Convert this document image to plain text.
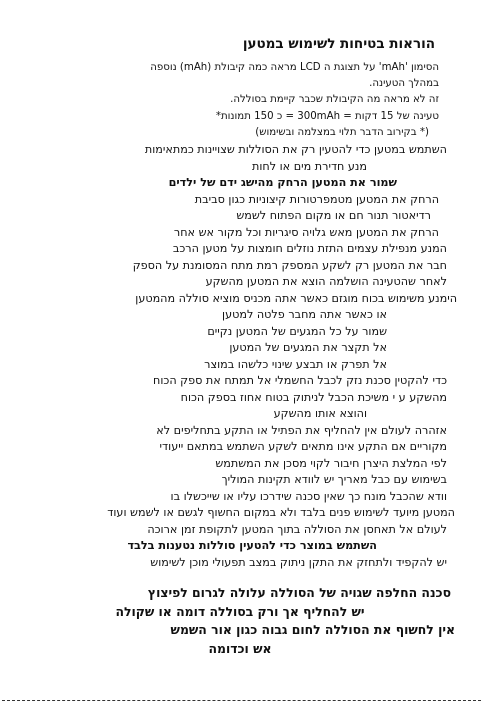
הוראות בטיחות לשימוש במטען
הסימון 'mAh' על תצוגת ה LCD מראה כמה קיבולת (mAh) נוספה
במהלך הטעינה.
זה לא מראה מה הקיבולת שכבר קיימת בסוללה.
טעינה של 15 דקות = 300mAh = כ 150 תמונות*
(* בקירוב הדבר תלוי במצלמה ובשימוש)
השתמש במטען כדי להטעין רק את הסוללות שצויינות כמתאימות
מנע חדירת מים או לחות
שמור את המטען הרחק מהישג ידם של ילדים
הרחק את המטען מטמפרטורות קיצוניות כגון סביבת
רדיאטור תנור חם או מקום הפתוח לשמש
הרחק את המטען מאש גלויה סיגריות וכל מקור אש אחר
המנע מנפילת עצמים התזת נוזלים חומצות על מטען הרכב
חבר את המטען רק לשקע המספק רמת מתח המסומנת על הספק
לאחר שהטעינה הושלמה הוצא את המטען מהשקע
הימנע משימוש בכוח מוגזם כאשר אתה מכניס מוציא סוללה מהמטען
או כאשר אתה מחבר פלטה למטען
שמור על כל המגעים של המטען נקיים
אל תקצר את המגעים של המטען
אל תפרק או תבצע שינוי כלשהו במוצר
כדי להקטין סכנת נזק לכבל החשמלי אל תמתח את ספק הכוח
מהשקע ע י משיכת הכבל לניתוק בטוח אחוז בספק הכוח
והוצא אותו מהשקע
אזהרה לעולם אין להחליף את הפתיל או התקע בתחליפים לא
מקוריים אם התקע אינו מתאים לשקע השתמש במתאם ייעודי
לפי המלצת היצרן חיבור לקוי מסכן את המשתמש
בשימוש עם כבל מאריך יש לוודא תקינות המוליך
וודא שהכבל מונח כך שאין סכנה שידרכו עליו או שייכשלו בו
המטען מיועד לשימוש פנים בלבד ולא במקום החשוף לגשם או לשמש ועוד
לעולם אל תאחסן את הסוללה בתוך המטען לתקופת זמן ארוכה
השתמש במוצר כדי להטעין סוללות נטענות בלבד
יש להקפיד ולתחזק את התקן ניתוק במצב תפעולי מוכן לשימוש
סכנה החלפה שגויה של הסוללה עלולה לגרום לפיצוץ
יש להחליף אך ורק בסוללה דומה או שקולה
אין לחשוף את הסוללה לחום גבוה כגון אור השמש
אש וכדומה
